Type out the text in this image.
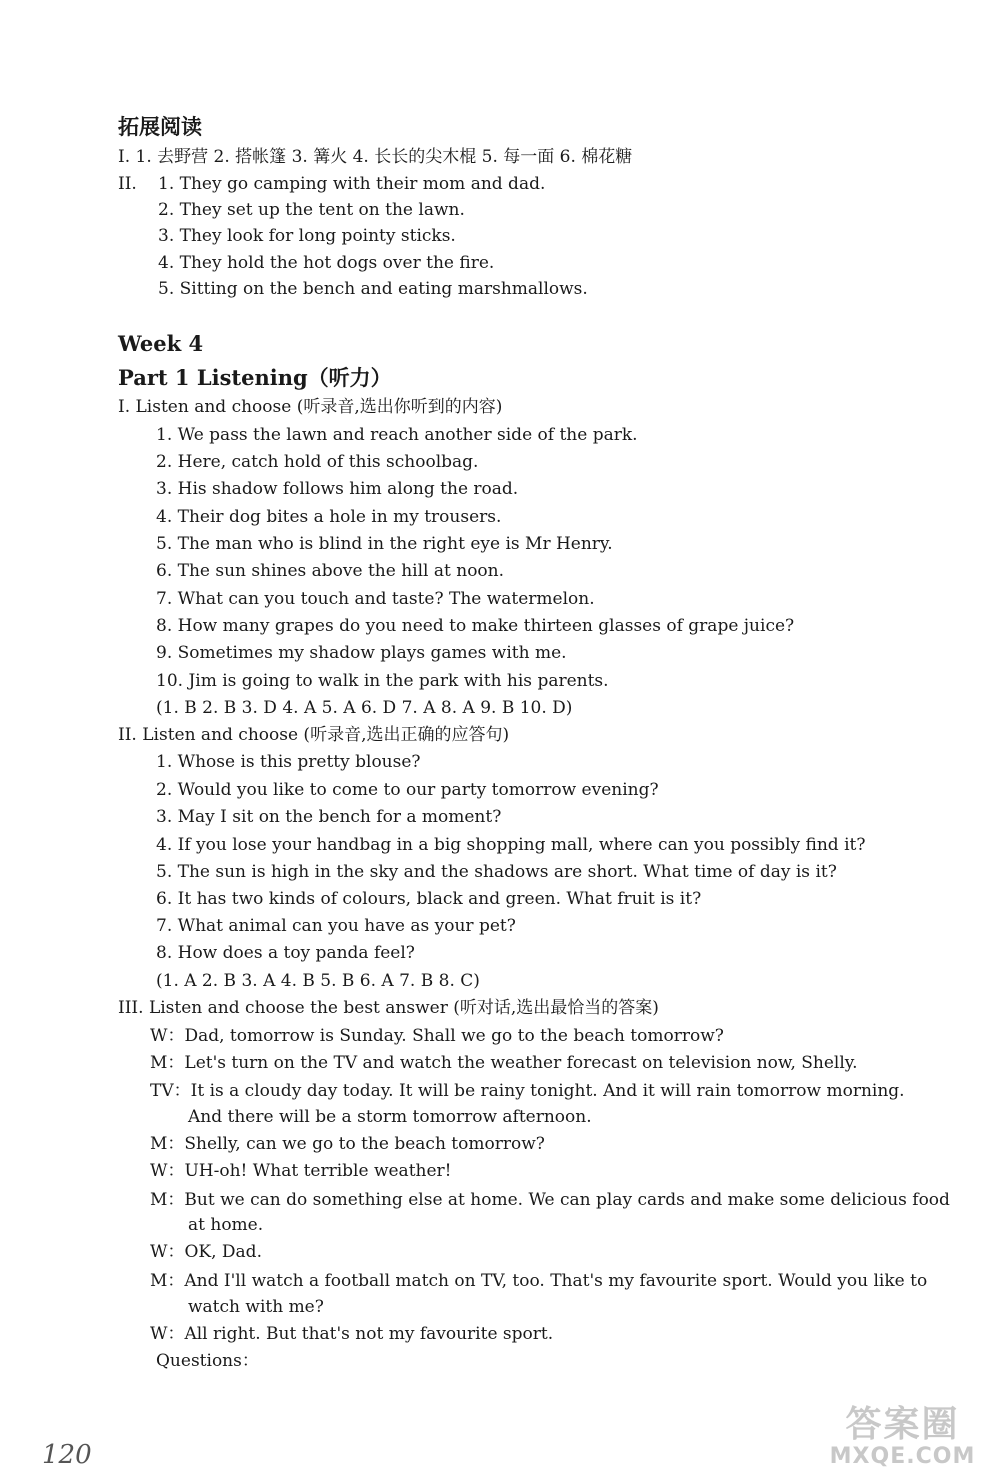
拓展阅读
I. 1. 去野营 2. 搭帐篷 3. 篝火 4. 长长的尖木棍 5. 每一面 6. 棉花糖
II. 1. They go camping with their mom and dad.
2. They set up the tent on the lawn.
3. They look for long pointy sticks.
4. They hold the hot dogs over the fire.
5. Sitting on the bench and eating marshmallows.
Week 4
Part 1 Listening（听力）
I. Listen and choose (听录音,选出你听到的内容)
1. We pass the lawn and reach another side of the park.
2. Here, catch hold of this schoolbag.
3. His shadow follows him along the road.
4. Their dog bites a hole in my trousers.
5. The man who is blind in the right eye is Mr Henry.
6. The sun shines above the hill at noon.
7. What can you touch and taste? The watermelon.
8. How many grapes do you need to make thirteen glasses of grape juice?
9. Sometimes my shadow plays games with me.
10. Jim is going to walk in the park with his parents.
(1. B 2. B 3. D 4. A 5. A 6. D 7. A 8. A 9. B 10. D)
II. Listen and choose (听录音,选出正确的应答句)
1. Whose is this pretty blouse?
2. Would you like to come to our party tomorrow evening?
3. May I sit on the bench for a moment?
4. If you lose your handbag in a big shopping mall, where can you possibly find it?
5. The sun is high in the sky and the shadows are short. What time of day is it?
6. It has two kinds of colours, black and green. What fruit is it?
7. What animal can you have as your pet?
8. How does a toy panda feel?
(1. A 2. B 3. A 4. B 5. B 6. A 7. B 8. C)
III. Listen and choose the best answer (听对话,选出最恰当的答案)
W：Dad, tomorrow is Sunday. Shall we go to the beach tomorrow?
M：Let's turn on the TV and watch the weather forecast on television now, Shelly.
TV：It is a cloudy day today. It will be rainy tonight. And it will rain tomorrow morning.
And there will be a storm tomorrow afternoon.
M：Shelly, can we go to the beach tomorrow?
W：UH-oh! What terrible weather!
M：But we can do something else at home. We can play cards and make some delicious food
at home.
W：OK, Dad.
M：And I'll watch a football match on TV, too. That's my favourite sport. Would you like to
watch with me?
W：All right. But that's not my favourite sport.
Questions：
120
答案圈
MXQE.COM
